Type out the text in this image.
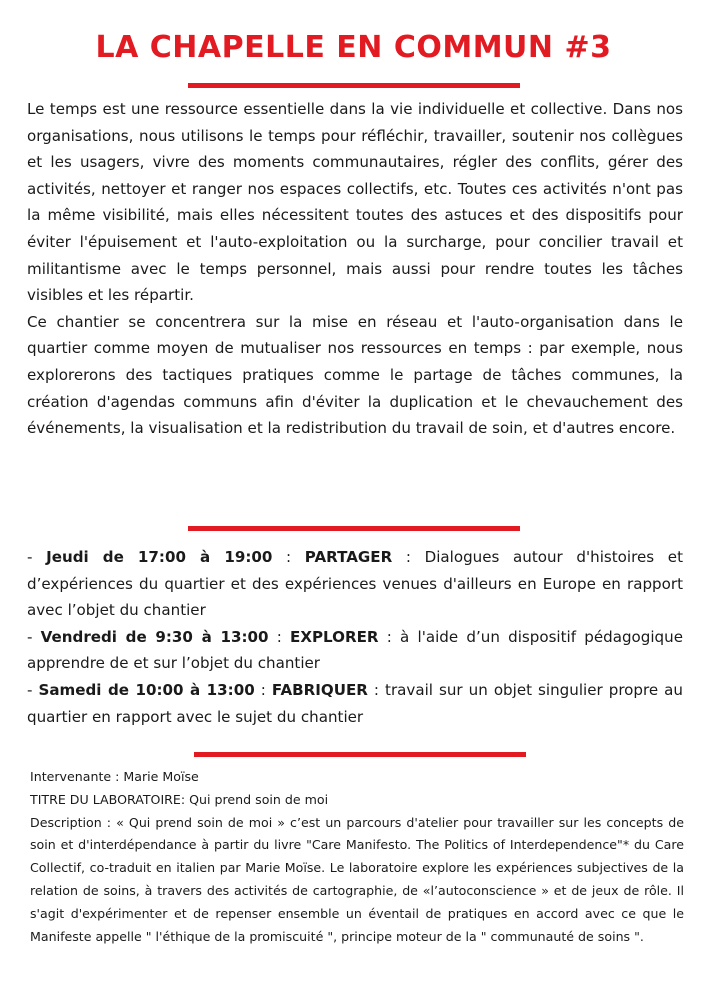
LA CHAPELLE EN COMMUN #3

Le temps est une ressource essentielle dans la vie individuelle et collective. Dans nos organisations, nous utilisons le temps pour réfléchir, travailler, soutenir nos collègues et les usagers, vivre des moments communautaires, régler des conflits, gérer des activités, nettoyer et ranger nos espaces collectifs, etc. Toutes ces activités n'ont pas la même visibilité, mais elles nécessitent toutes des astuces et des dispositifs pour éviter l'épuisement et l'auto-exploitation ou la surcharge, pour concilier travail et militantisme avec le temps personnel, mais aussi pour rendre toutes les tâches visibles et les répartir.

Ce chantier se concentrera sur la mise en réseau et l'auto-organisation dans le quartier comme moyen de mutualiser nos ressources en temps : par exemple, nous explorerons des tactiques pratiques comme le partage de tâches communes, la création d'agendas communs afin d'éviter la duplication et le chevauchement des événements, la visualisation et la redistribution du travail de soin, et d'autres encore.

- Jeudi de 17:00 à 19:00 : PARTAGER : Dialogues autour d'histoires et d’expériences du quartier et des expériences venues d'ailleurs en Europe en rapport avec l’objet du chantier

- Vendredi de 9:30 à 13:00 : EXPLORER : à l'aide d’un dispositif pédagogique apprendre de et sur l’objet du chantier

- Samedi de 10:00 à 13:00 : FABRIQUER : travail sur un objet singulier propre au quartier en rapport avec le sujet du chantier

Intervenante : Marie Moïse

TITRE DU LABORATOIRE: Qui prend soin de moi

Description : « Qui prend soin de moi » c’est un parcours d'atelier pour travailler sur les concepts de soin et d'interdépendance à partir du livre "Care Manifesto. The Politics of Interdependence"* du Care Collectif, co-traduit en italien par Marie Moïse. Le laboratoire explore les expériences subjectives de la relation de soins, à travers des activités de cartographie, de «l’autoconscience » et de jeux de rôle. Il s'agit d'expérimenter et de repenser ensemble un éventail de pratiques en accord avec ce que le Manifeste appelle " l'éthique de la promiscuité ", principe moteur de la " communauté de soins ".
